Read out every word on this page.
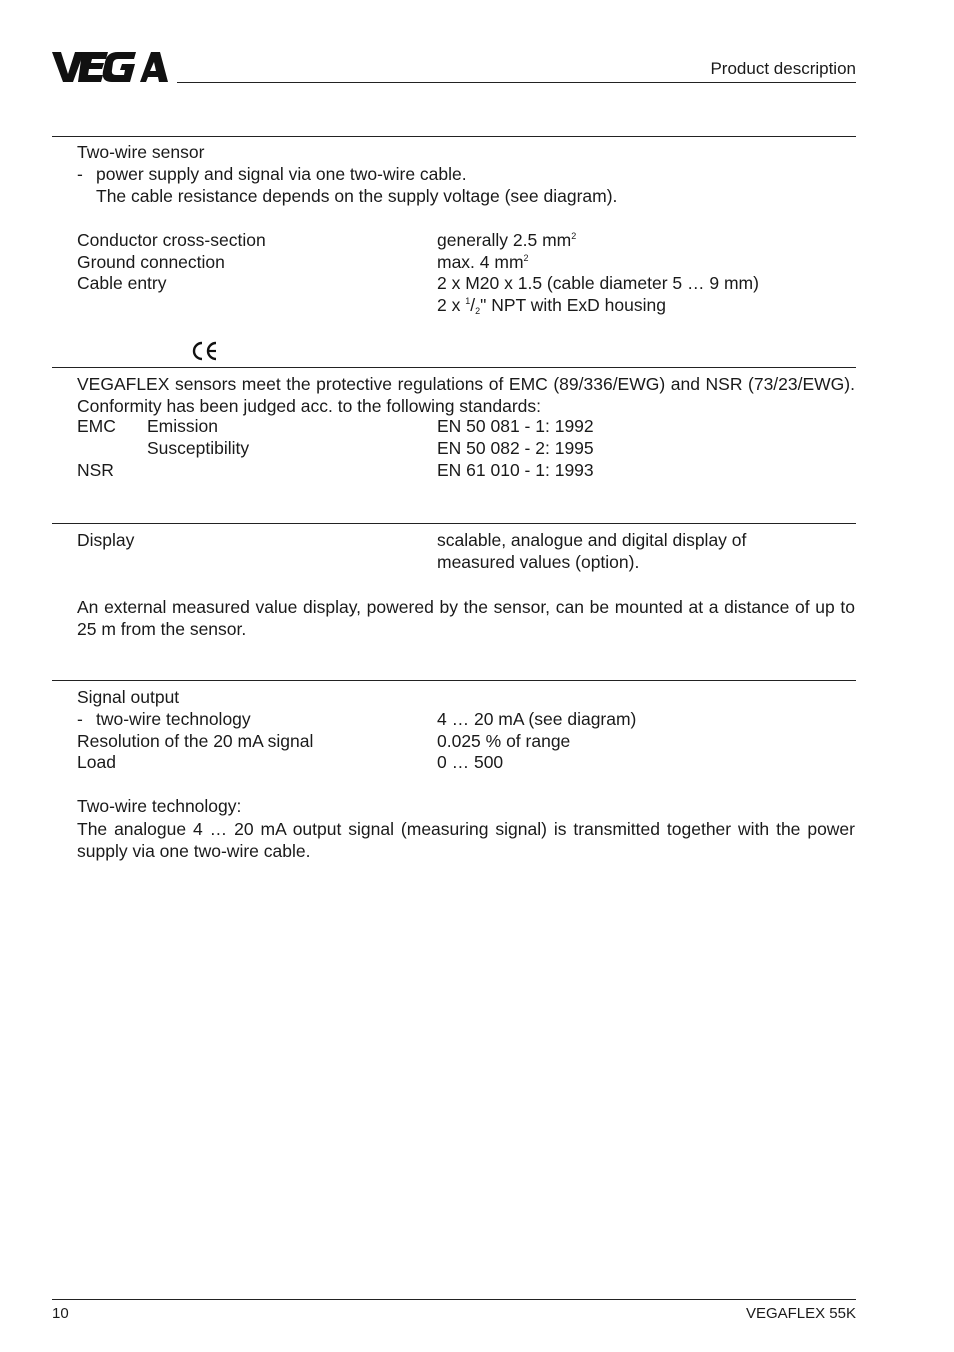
Product description
Two-wire sensor
- power supply and signal via one two-wire cable.
The cable resistance depends on the supply voltage (see diagram).
Conductor cross-section	generally 2.5 $mm^2$
Ground connection	max. 4 $mm^2$
Cable entry	2 x M20 x 1.5 (cable diameter 5 … 9 mm)
2 x $^1/_2$" NPT with ExD housing
VEGAFLEX sensors meet the protective regulations of EMC (89/336/EWG) and NSR (73/23/EWG). Conformity has been judged acc. to the following standards:
EMC Emission	EN 50 081 - 1: 1992
Susceptibility	EN 50 082 - 2: 1995
NSR	EN 61 010 - 1: 1993
Display	scalable, analogue and digital display of
measured values (option).
An external measured value display, powered by the sensor, can be mounted at a distance of up to 25 m from the sensor.
Signal output
- two-wire technology	4 … 20 mA (see diagram)
Resolution of the 20 mA signal	0.025 % of range
Load	0 … 500
Two-wire technology:
The analogue 4 … 20 mA output signal (measuring signal) is transmitted together with the power supply via one two-wire cable.
10	VEGAFLEX 55K
